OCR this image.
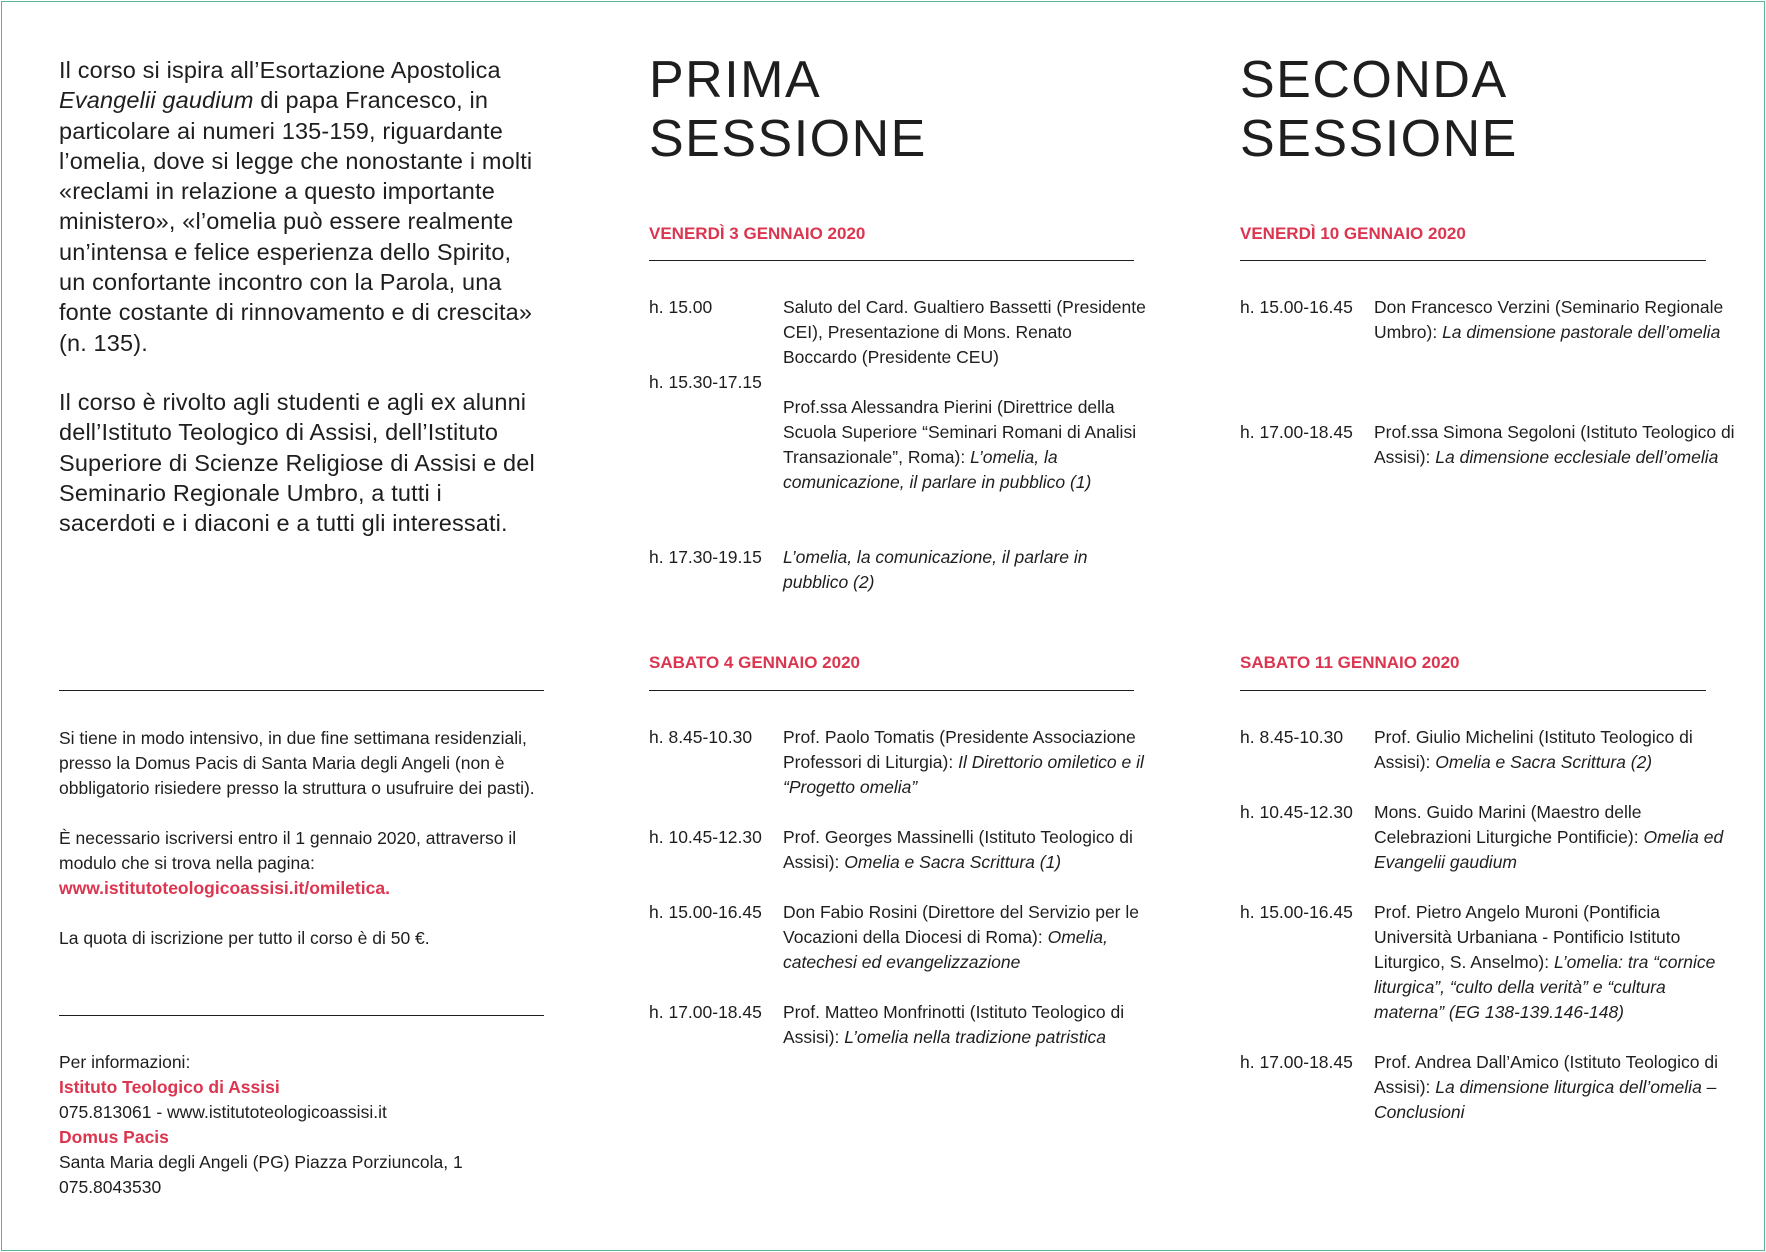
Il corso si ispira all’Esortazione Apostolica Evangelii gaudium di papa Francesco, in particolare ai numeri 135-159, riguardante l’omelia, dove si legge che nonostante i molti «reclami in relazione a questo importante ministero», «l’omelia può essere realmente un’intensa e felice esperienza dello Spirito, un confortante incontro con la Parola, una fonte costante di rinnovamento e di crescita» (n. 135).

Il corso è rivolto agli studenti e agli ex alunni dell’Istituto Teologico di Assisi, dell’Istituto Superiore di Scienze Religiose di Assisi e del Seminario Regionale Umbro, a tutti i sacerdoti e i diaconi e a tutti gli interessati.

Si tiene in modo intensivo, in due fine settimana residenziali, presso la Domus Pacis di Santa Maria degli Angeli (non è obbligatorio risiedere presso la struttura o usufruire dei pasti).

È necessario iscriversi entro il 1 gennaio 2020, attraverso il modulo che si trova nella pagina:
www.istitutoteologicoassisi.it/omiletica.

La quota di iscrizione per tutto il corso è di 50 €.

Per informazioni:

Istituto Teologico di Assisi

075.813061 - www.istitutoteologicoassisi.it

Domus Pacis

Santa Maria degli Angeli (PG) Piazza Porziuncola, 1

075.8043530

PRIMA
SESSIONE
VENERDÌ 3 GENNAIO 2020
h. 15.00	Saluto del Card. Gualtiero Bassetti (Presidente CEI), Presentazione di Mons. Renato Boccardo (Presidente CEU)
h. 15.30-17.15
Prof.ssa Alessandra Pierini (Direttrice della Scuola Superiore “Seminari Romani di Analisi Transazionale”, Roma): L’omelia, la comunicazione, il parlare in pubblico (1)
h. 17.30-19.15 L’omelia, la comunicazione, il parlare in pubblico (2)
SABATO 4 GENNAIO 2020
h. 8.45-10.30 Prof. Paolo Tomatis (Presidente Associazione Professori di Liturgia): Il Direttorio omiletico e il “Progetto omelia”
h. 10.45-12.30 Prof. Georges Massinelli (Istituto Teologico di Assisi): Omelia e Sacra Scrittura (1)
h. 15.00-16.45 Don Fabio Rosini (Direttore del Servizio per le Vocazioni della Diocesi di Roma): Omelia, catechesi ed evangelizzazione
h. 17.00-18.45 Prof. Matteo Monfrinotti (Istituto Teologico di Assisi): L’omelia nella tradizione patristica
SECONDA
SESSIONE
VENERDÌ 10 GENNAIO 2020
h. 15.00-16.45 Don Francesco Verzini (Seminario Regionale Umbro): La dimensione pastorale dell’omelia
h. 17.00-18.45 Prof.ssa Simona Segoloni (Istituto Teologico di Assisi): La dimensione ecclesiale dell’omelia
SABATO 11 GENNAIO 2020
h. 8.45-10.30 Prof. Giulio Michelini (Istituto Teologico di Assisi): Omelia e Sacra Scrittura (2)
h. 10.45-12.30 Mons. Guido Marini (Maestro delle Celebrazioni Liturgiche Pontificie): Omelia ed Evangelii gaudium
h. 15.00-16.45 Prof. Pietro Angelo Muroni (Pontificia Università Urbaniana - Pontificio Istituto Liturgico, S. Anselmo): L’omelia: tra “cornice liturgica”, “culto della verità” e “cultura materna” (EG 138-139.146-148)
h. 17.00-18.45 Prof. Andrea Dall’Amico (Istituto Teologico di Assisi): La dimensione liturgica dell’omelia – Conclusioni
